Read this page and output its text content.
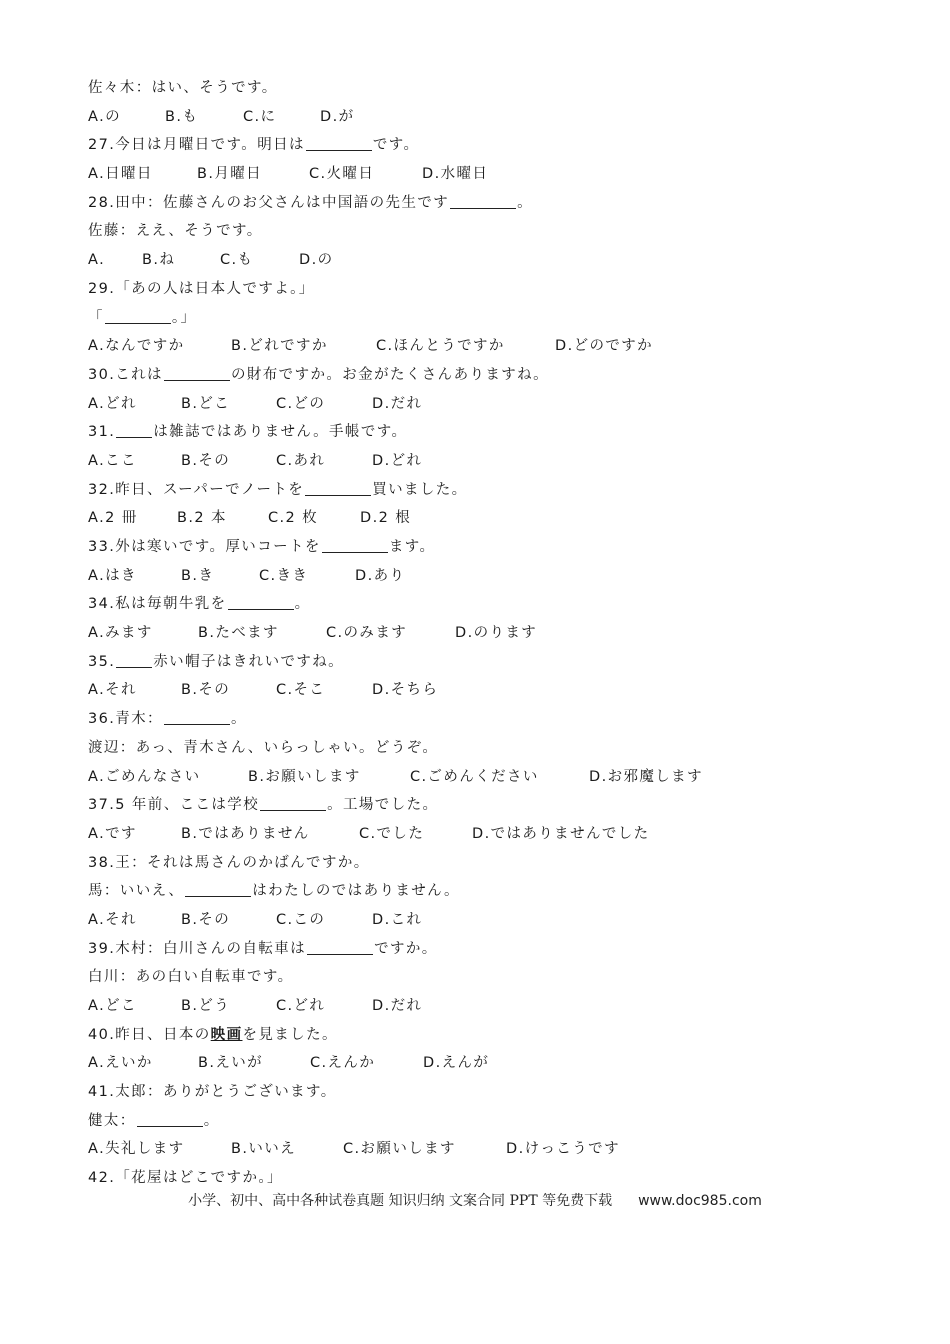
佐々木：はい、そうです。
A.の	B.も	C.に	D.が
27.今日は月曜日です。明日は	です。
A.日曜日	B.月曜日	C.火曜日	D.水曜日
28.田中：佐藤さんのお父さんは中国語の先生です	。
佐藤：ええ、そうです。
A.	B.ね	C.も	D.の
29.「あの人は日本人ですよ。」
「	。」
A.なんですか	B.どれですか	C.ほんとうですか	D.どのですか
30.これは	の財布ですか。お金がたくさんありますね。
A.どれ	B.どこ	C.どの	D.だれ
31.	は雑誌ではありません。手帳です。
A.ここ	B.その	C.あれ	D.どれ
32.昨日、スーパーでノートを	買いました。
A.2 冊	B.2 本	C.2 枚	D.2 根
33.外は寒いです。厚いコートを	ます。
A.はき	B.き	C.きき	D.あり
34.私は毎朝牛乳を	。
A.みます	B.たべます	C.のみます	D.のります
35.	赤い帽子はきれいですね。
A.それ	B.その	C.そこ	D.そちら
36.青木：	。
渡辺：あっ、青木さん、いらっしゃい。どうぞ。
A.ごめんなさい	B.お願いします	C.ごめんください	D.お邪魔します
37.5 年前、ここは学校	。工場でした。
A.です	B.ではありません	C.でした	D.ではありませんでした
38.王：それは馬さんのかばんですか。
馬：いいえ、	はわたしのではありません。
A.それ	B.その	C.この	D.これ
39.木村：白川さんの自転車は	ですか。
白川：あの白い自転車です。
A.どこ	B.どう	C.どれ	D.だれ
40.昨日、日本の映画を見ました。
A.えいか	B.えいが	C.えんか	D.えんが
41.太郎：ありがとうございます。
健太：	。
A.失礼します	B.いいえ	C.お願いします	D.けっこうです
42.「花屋はどこですか。」
小学、初中、高中各种试卷真题 知识归纳 文案合同 PPT 等免费下载 www.doc985.com
